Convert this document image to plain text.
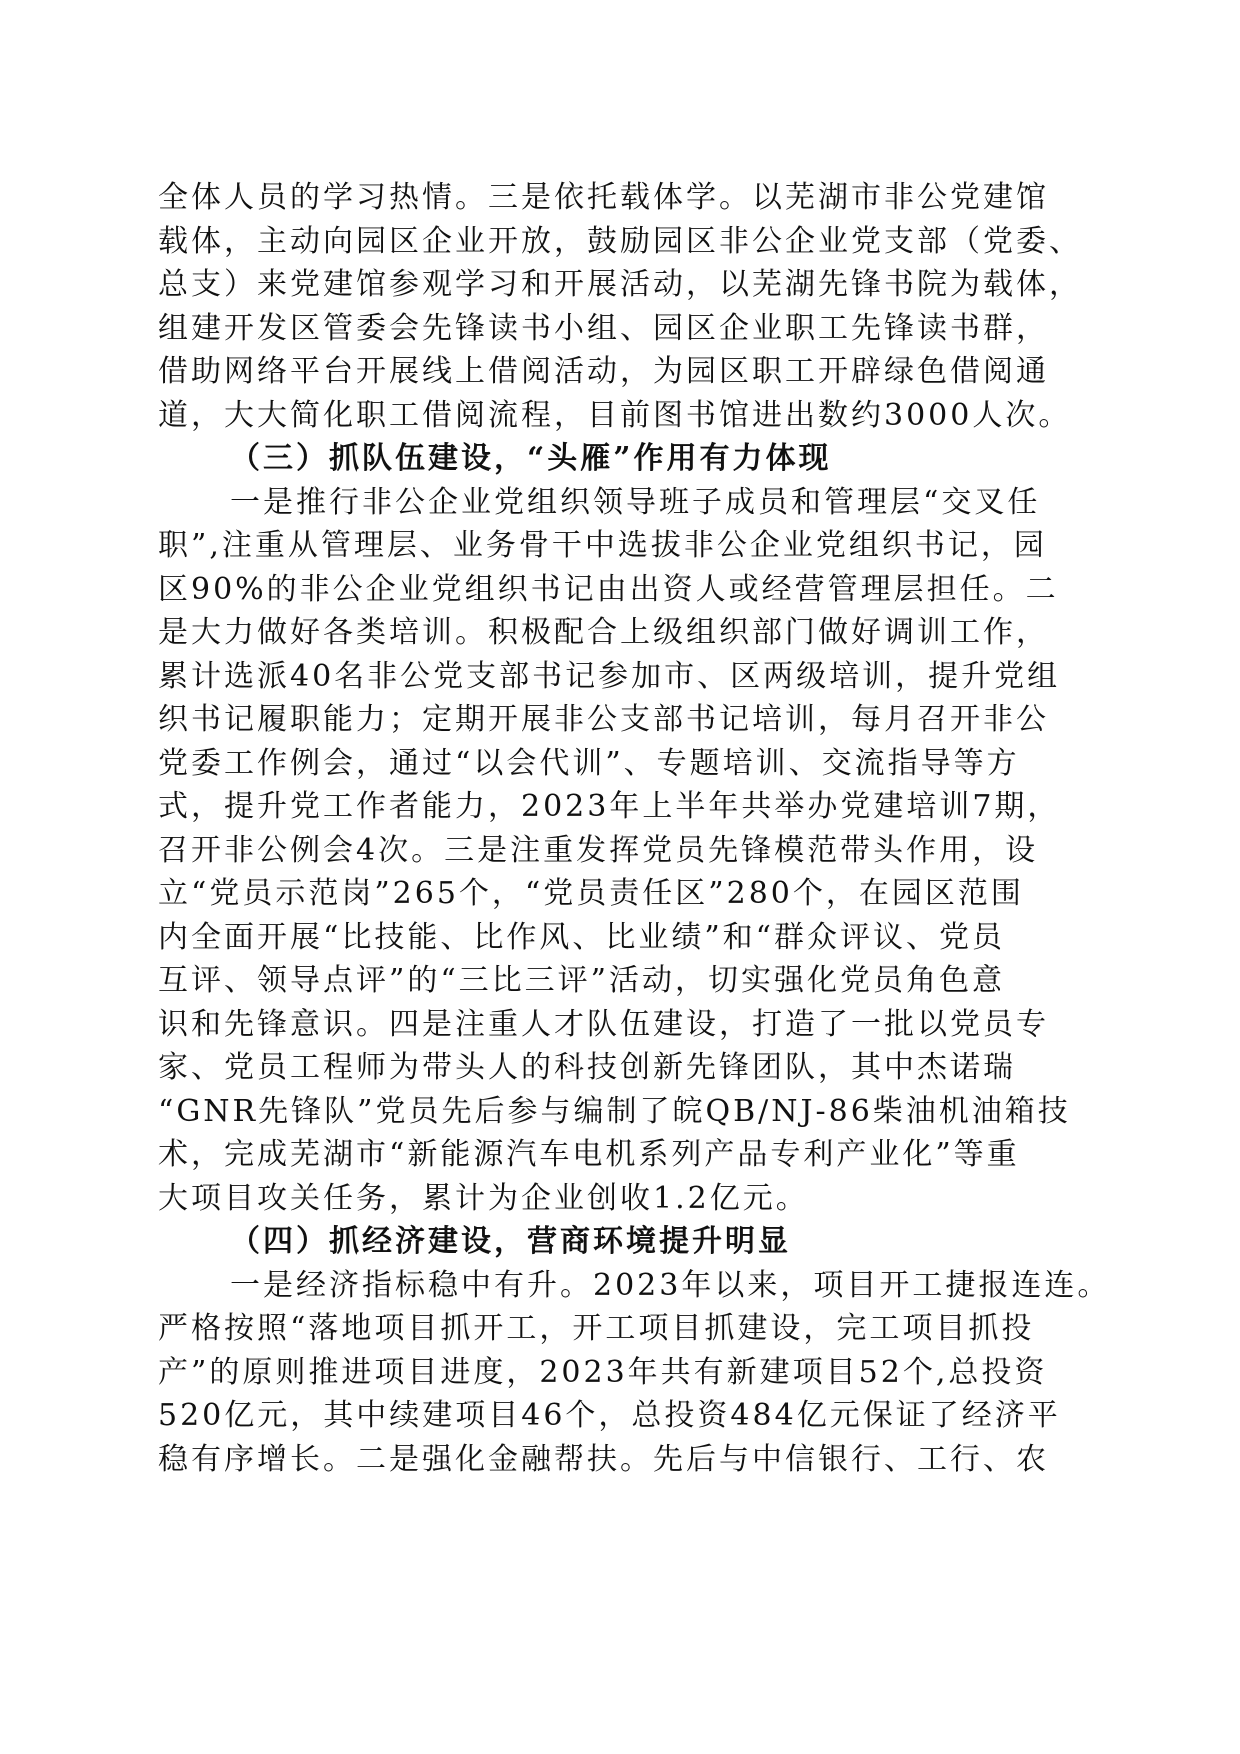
全体人员的学习热情。三是依托载体学。以芜湖市非公党建馆
载体，主动向园区企业开放，鼓励园区非公企业党支部（党委、
总支）来党建馆参观学习和开展活动，以芜湖先锋书院为载体，
组建开发区管委会先锋读书小组、园区企业职工先锋读书群，
借助网络平台开展线上借阅活动，为园区职工开辟绿色借阅通
道，大大简化职工借阅流程，目前图书馆进出数约3000人次。
（三）抓队伍建设，“头雁”作用有力体现
一是推行非公企业党组织领导班子成员和管理层“交叉任
职”,注重从管理层、业务骨干中选拔非公企业党组织书记，园
区90%的非公企业党组织书记由出资人或经营管理层担任。二
是大力做好各类培训。积极配合上级组织部门做好调训工作，
累计选派40名非公党支部书记参加市、区两级培训，提升党组
织书记履职能力；定期开展非公支部书记培训，每月召开非公
党委工作例会，通过“以会代训”、专题培训、交流指导等方
式，提升党工作者能力，2023年上半年共举办党建培训7期，
召开非公例会4次。三是注重发挥党员先锋模范带头作用，设
立“党员示范岗”265个，“党员责任区”280个，在园区范围
内全面开展“比技能、比作风、比业绩”和“群众评议、党员
互评、领导点评”的“三比三评”活动，切实强化党员角色意
识和先锋意识。四是注重人才队伍建设，打造了一批以党员专
家、党员工程师为带头人的科技创新先锋团队，其中杰诺瑞
“GNR先锋队”党员先后参与编制了皖QB/NJ-86柴油机油箱技
术，完成芜湖市“新能源汽车电机系列产品专利产业化”等重
大项目攻关任务，累计为企业创收1.2亿元。
（四）抓经济建设，营商环境提升明显
一是经济指标稳中有升。2023年以来，项目开工捷报连连。
严格按照“落地项目抓开工，开工项目抓建设，完工项目抓投
产”的原则推进项目进度，2023年共有新建项目52个,总投资
520亿元，其中续建项目46个，总投资484亿元保证了经济平
稳有序增长。二是强化金融帮扶。先后与中信银行、工行、农
